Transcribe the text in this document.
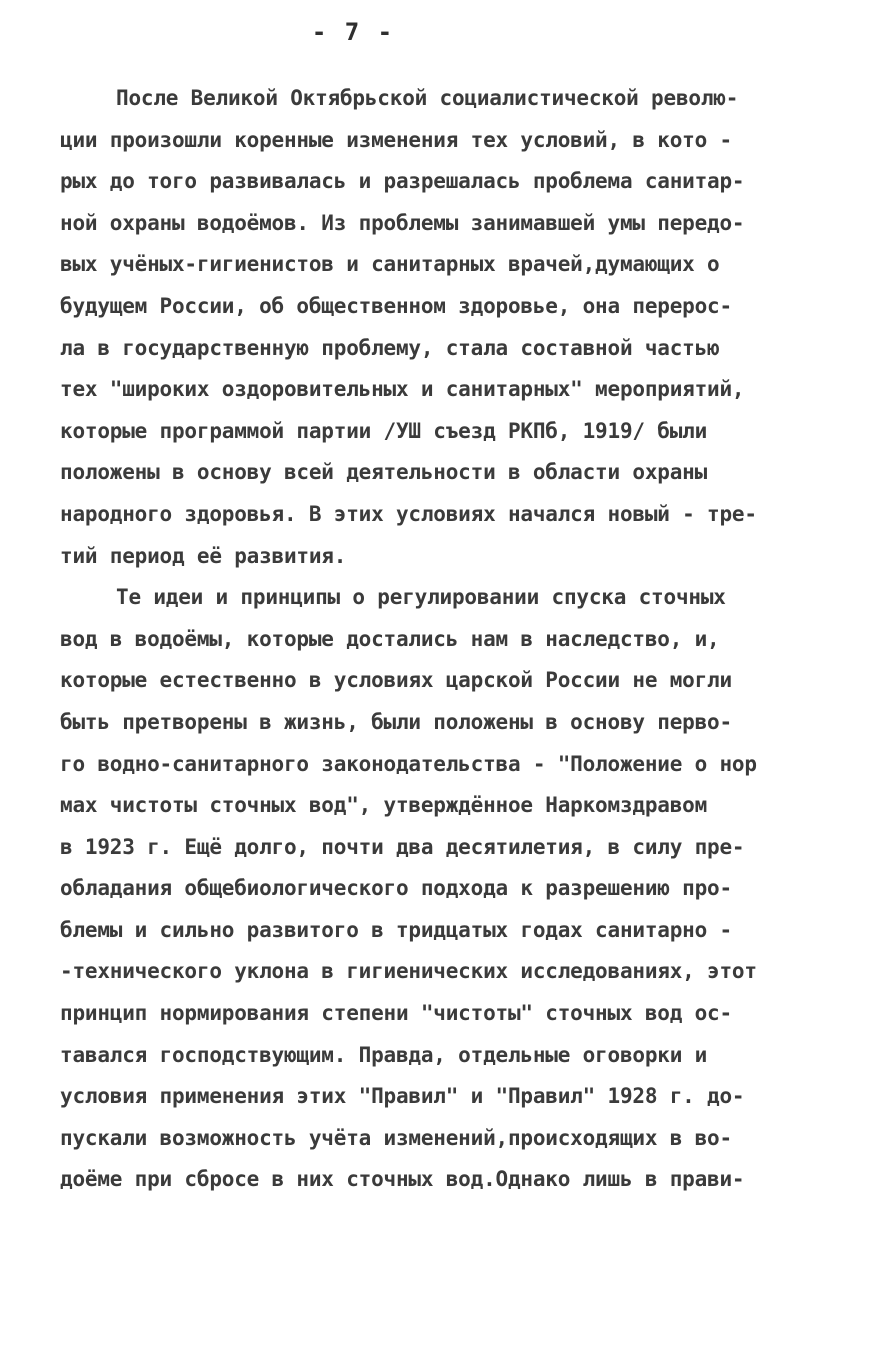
- 7 -
После Великой Октябрьской социалистической револю-
ции произошли коренные изменения тех условий, в кото -
рых до того развивалась и разрешалась проблема санитар-
ной охраны водоёмов. Из проблемы занимавшей умы передо-
вых учёных-гигиенистов и санитарных врачей,думающих о
будущем России, об общественном здоровье, она перерос-
ла в государственную проблему, стала составной частью
тех "широких оздоровительных и санитарных" мероприятий,
которые программой партии /УШ съезд РКПб, 1919/ были
положены в основу всей деятельности в области охраны
народного здоровья. В этих условиях начался новый - тре-
тий период её развития.
Те идеи и принципы о регулировании спуска сточных
вод в водоёмы, которые достались нам в наследство, и,
которые естественно в условиях царской России не могли
быть претворены в жизнь, были положены в основу перво-
го водно-санитарного законодательства - "Положение о нор
мах чистоты сточных вод", утверждённое Наркомздравом
в 1923 г. Ещё долго, почти два десятилетия, в силу пре-
обладания общебиологического подхода к разрешению про-
блемы и сильно развитого в тридцатых годах санитарно -
-технического уклона в гигиенических исследованиях, этот
принцип нормирования степени "чистоты" сточных вод ос-
тавался господствующим. Правда, отдельные оговорки и
условия применения этих "Правил" и "Правил" 1928 г. до-
пускали возможность учёта изменений,происходящих в во-
доёме при сбросе в них сточных вод.Однако лишь в прави-
